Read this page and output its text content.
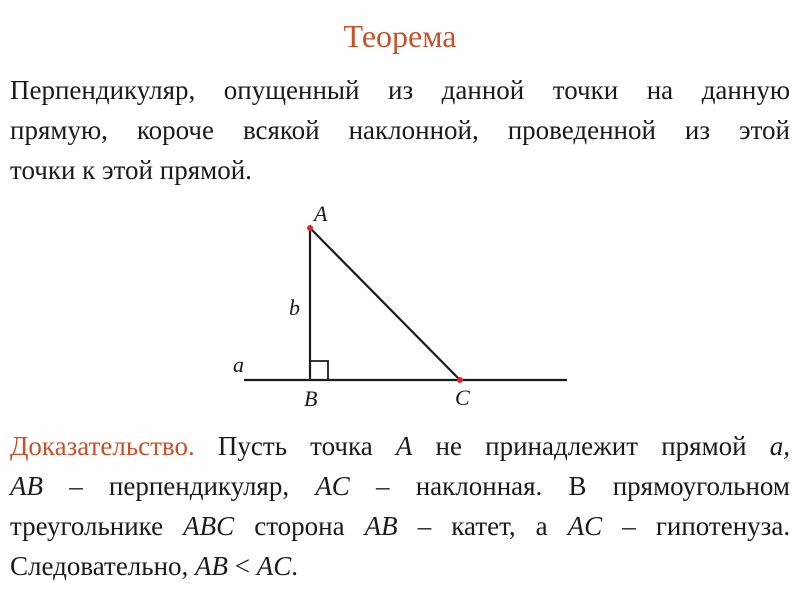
Теорема
Перпендикуляр, опущенный из данной точки на данную
прямую, короче всякой наклонной, проведенной из этой
точки к этой прямой.
A
b
a
B	C
Доказательство. Пусть точка A не принадлежит прямой a,
AB – перпендикуляр, AC – наклонная. В прямоугольном
треугольнике ABC сторона AB – катет, а AC – гипотенуза.
Следовательно, AB < AC.
